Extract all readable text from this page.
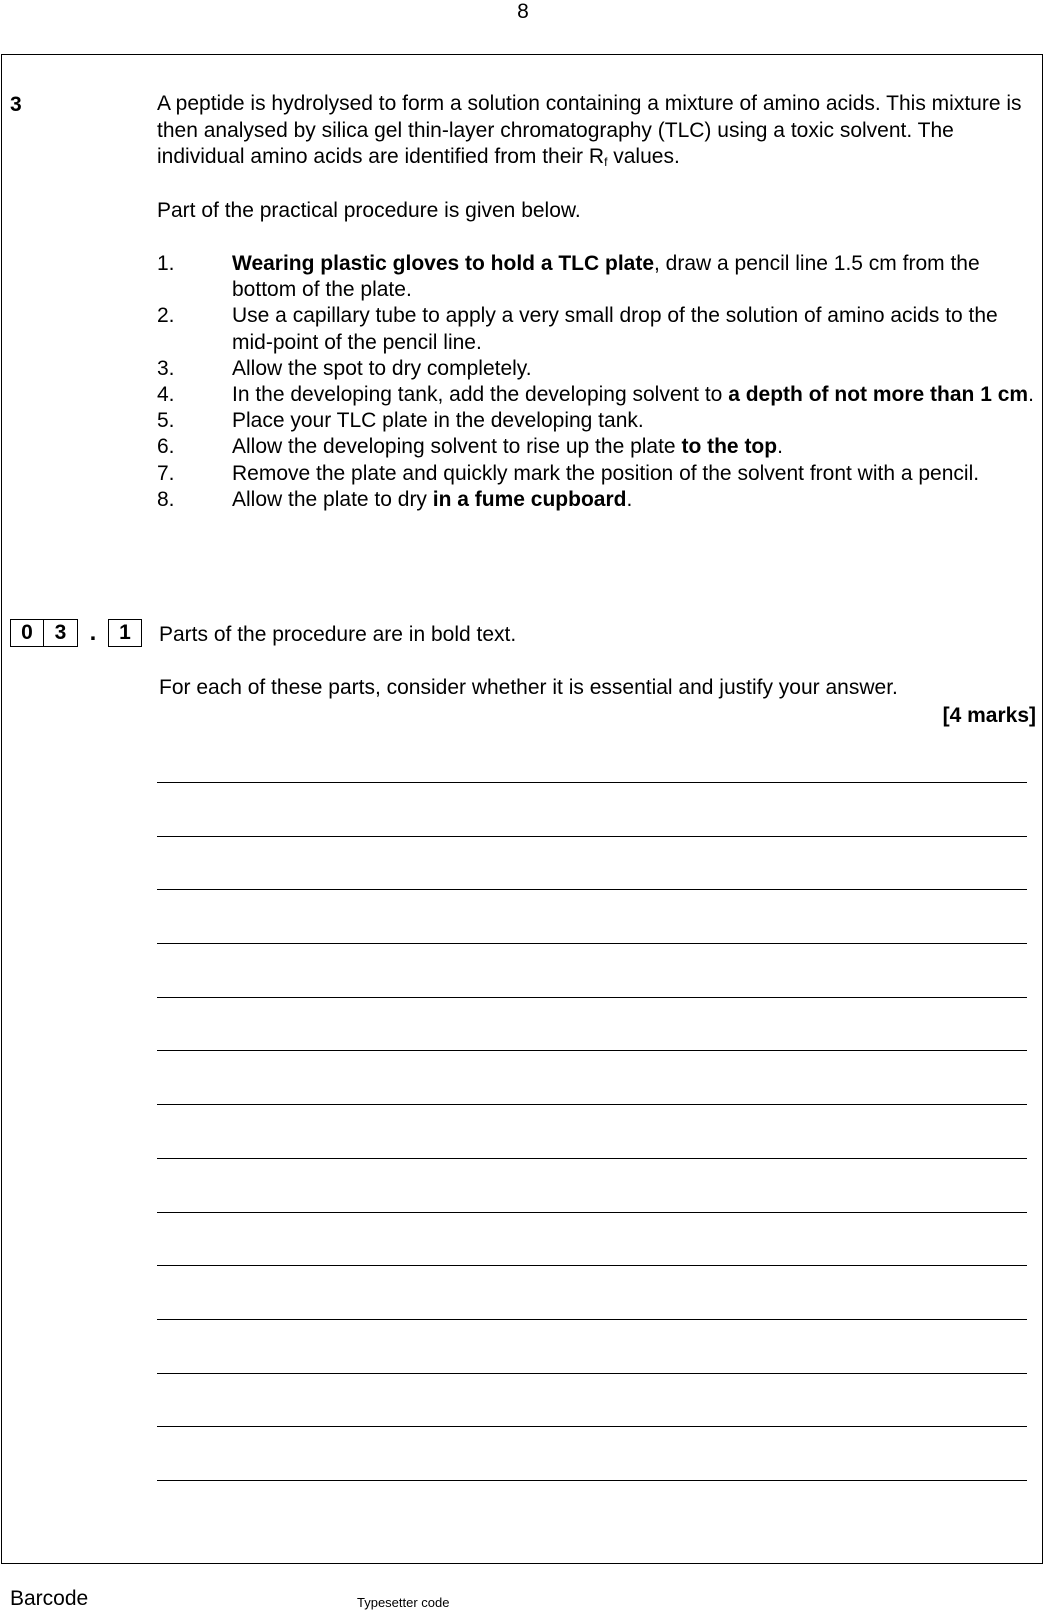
8
3	A peptide is hydrolysed to form a solution containing a mixture of amino acids. This mixture is then analysed by silica gel thin-layer chromatography (TLC) using a toxic solvent. The individual amino acids are identified from their $R_f$ values.
Part of the practical procedure is given below.
1.	Wearing plastic gloves to hold a TLC plate, draw a pencil line 1.5 cm from the bottom of the plate.
2.	Use a capillary tube to apply a very small drop of the solution of amino acids to the mid-point of the pencil line.
3.	Allow the spot to dry completely.
4.	In the developing tank, add the developing solvent to a depth of not more than 1 cm.
5.	Place your TLC plate in the developing tank.
6.	Allow the developing solvent to rise up the plate to the top.
7.	Remove the plate and quickly mark the position of the solvent front with a pencil.
8.	Allow the plate to dry in a fume cupboard.
0	3 .	1	Parts of the procedure are in bold text.
For each of these parts, consider whether it is essential and justify your answer.
[4 marks]
Barcode	Typesetter code
